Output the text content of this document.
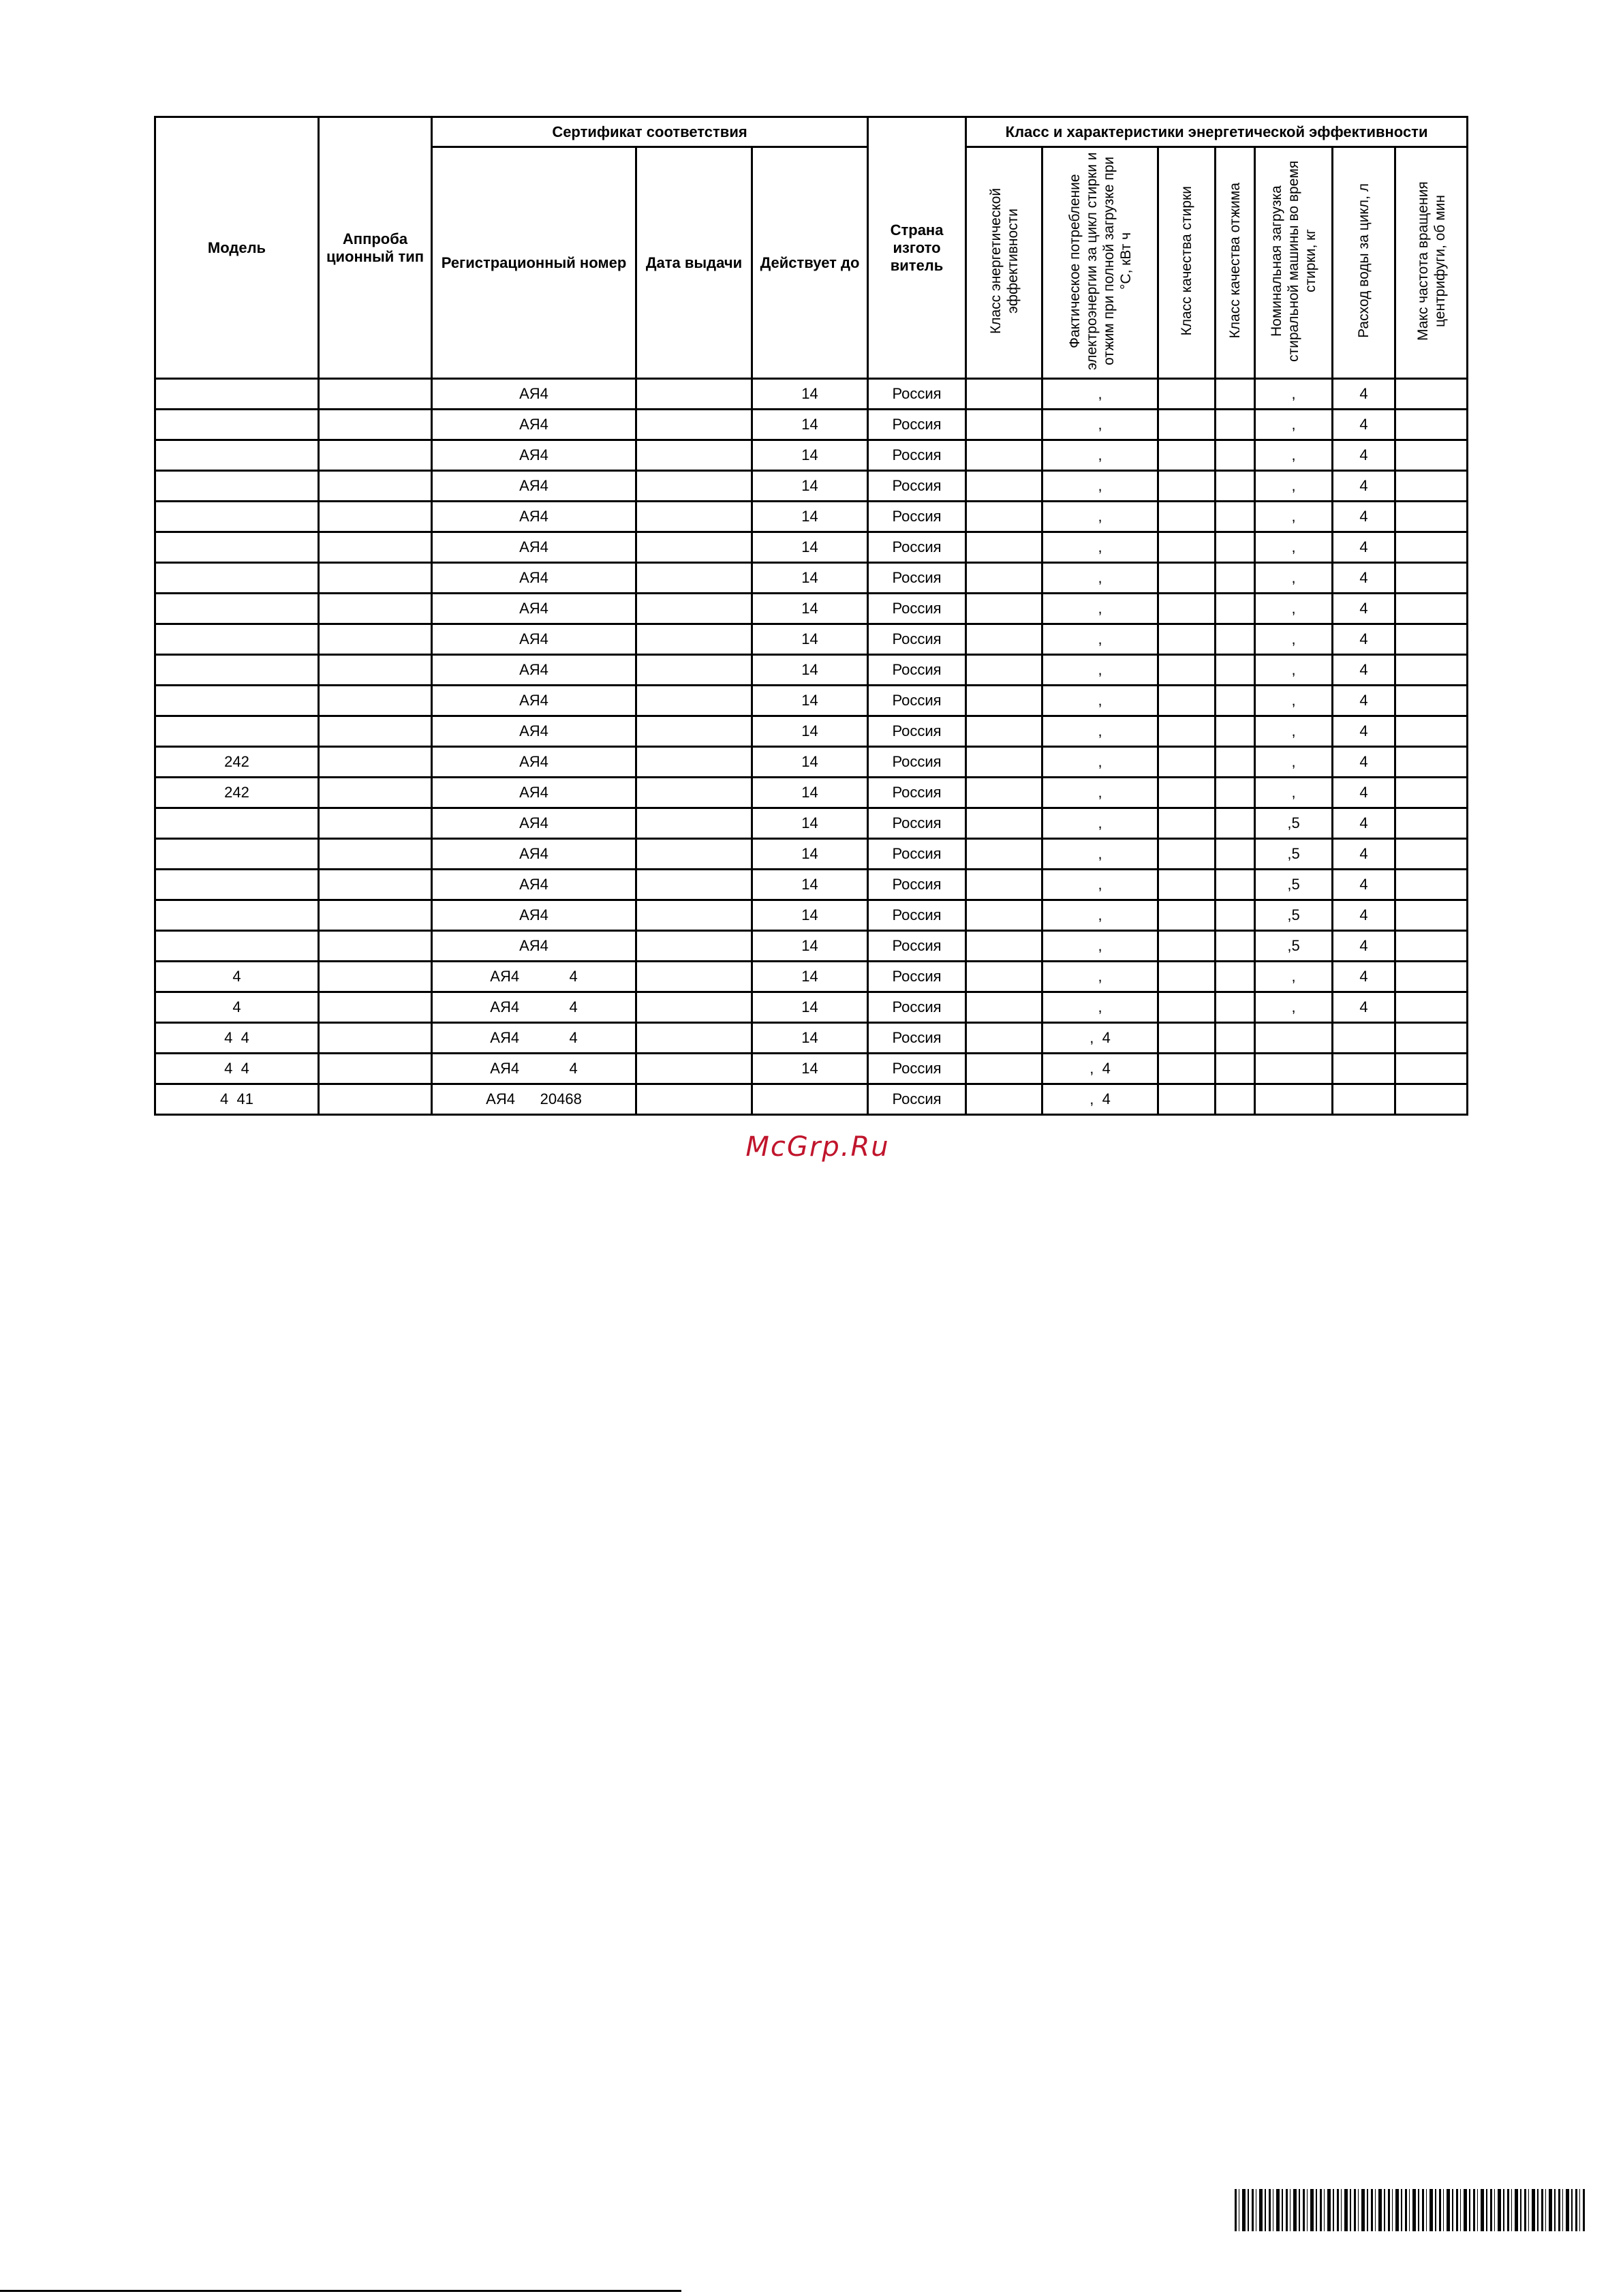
Модель	Аппроба ционный тип	Сертификат соответствия			Страна изгото витель	Класс и характеристики энергетической эффективности						
		Регистрационный номер	Дата выдачи	Действует до		Класс энергетической эффективности	Фактическое потребление электроэнергии за цикл стирки и отжим при полной загрузке при °C, кВт ч	Класс качества стирки	Класс качества отжима	Номинальная загрузка стиральной машины во время стирки, кг	Расход воды за цикл, л	Макс частота вращения центрифуги, об мин
		АЯ4		14	Россия		,			,	4	
		АЯ4		14	Россия		,			,	4	
		АЯ4		14	Россия		,			,	4	
		АЯ4		14	Россия		,			,	4	
		АЯ4		14	Россия		,			,	4	
		АЯ4		14	Россия		,			,	4	
		АЯ4		14	Россия		,			,	4	
		АЯ4		14	Россия		,			,	4	
		АЯ4		14	Россия		,			,	4	
		АЯ4		14	Россия		,			,	4	
		АЯ4		14	Россия		,			,	4	
		АЯ4		14	Россия		,			,	4	
242		АЯ4		14	Россия		,			,	4	
242		АЯ4		14	Россия		,			,	4	
		АЯ4		14	Россия		,			,5	4	
		АЯ4		14	Россия		,			,5	4	
		АЯ4		14	Россия		,			,5	4	
		АЯ4		14	Россия		,			,5	4	
		АЯ4		14	Россия		,			,5	4	
4		АЯ4            4		14	Россия		,			,	4	
4		АЯ4            4		14	Россия		,			,	4	
4  4		АЯ4            4		14	Россия		,  4					
4  4		АЯ4            4		14	Россия		,  4					
4  41		АЯ4      20468			Россия		,  4					
McGrp.Ru
